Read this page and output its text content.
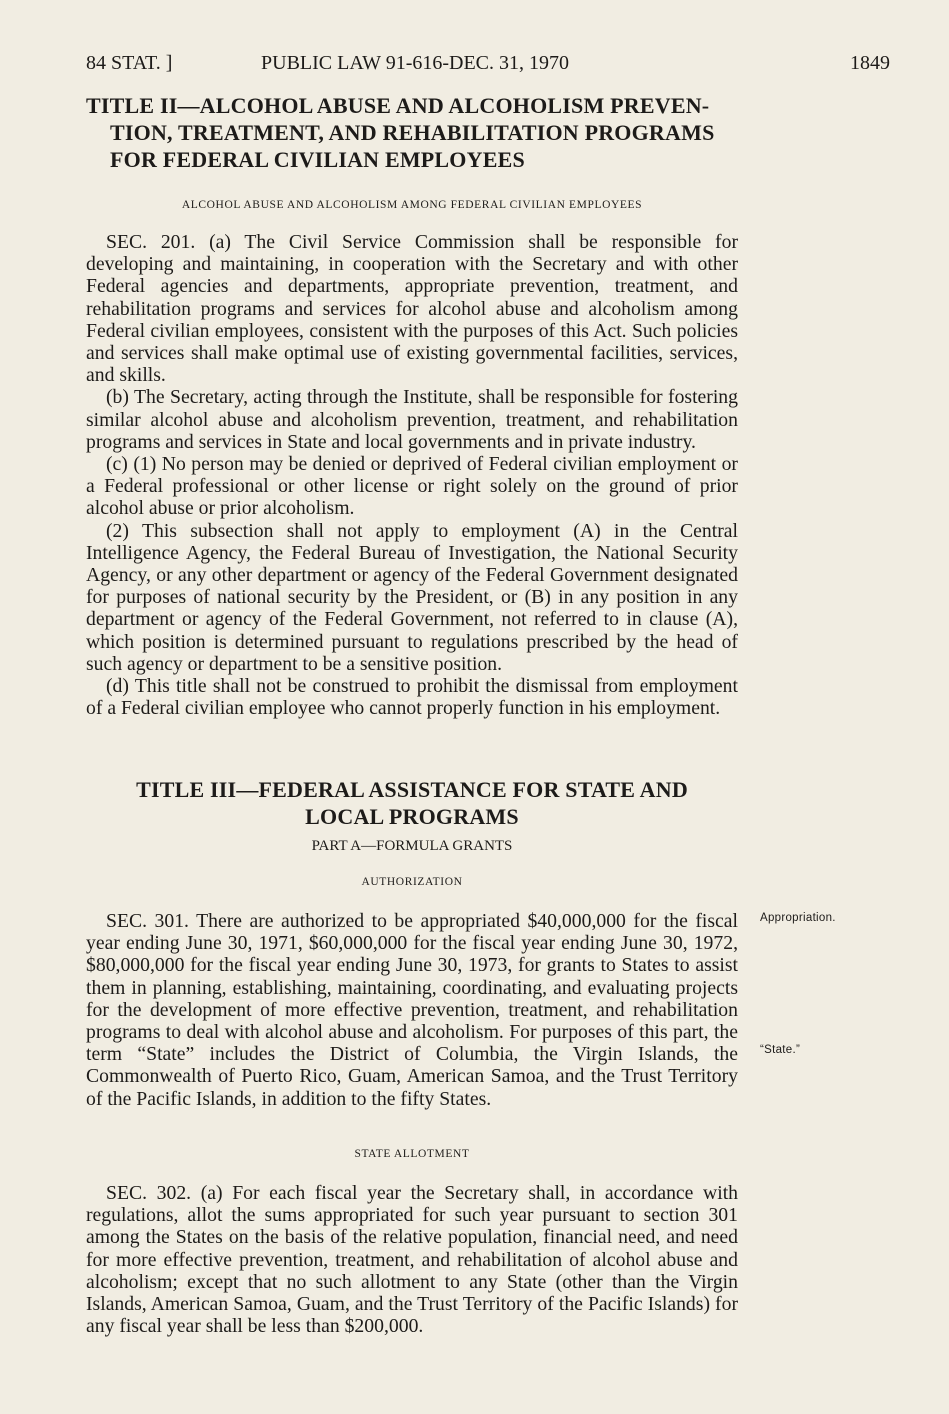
84 STAT. ]	PUBLIC LAW 91-616-DEC. 31, 1970	1849
TITLE II—ALCOHOL ABUSE AND ALCOHOLISM PREVEN-
TION, TREATMENT, AND REHABILITATION PROGRAMS
FOR FEDERAL CIVILIAN EMPLOYEES

ALCOHOL ABUSE AND ALCOHOLISM AMONG FEDERAL CIVILIAN EMPLOYEES

SEC. 201. (a) The Civil Service Commission shall be responsible for developing and maintaining, in cooperation with the Secretary and with other Federal agencies and departments, appropriate prevention, treatment, and rehabilitation programs and services for alcohol abuse and alcoholism among Federal civilian employees, consistent with the purposes of this Act. Such policies and services shall make optimal use of existing governmental facilities, services, and skills.

(b) The Secretary, acting through the Institute, shall be responsible for fostering similar alcohol abuse and alcoholism prevention, treatment, and rehabilitation programs and services in State and local governments and in private industry.

(c) (1) No person may be denied or deprived of Federal civilian employment or a Federal professional or other license or right solely on the ground of prior alcohol abuse or prior alcoholism.

(2) This subsection shall not apply to employment (A) in the Central Intelligence Agency, the Federal Bureau of Investigation, the National Security Agency, or any other department or agency of the Federal Government designated for purposes of national security by the President, or (B) in any position in any department or agency of the Federal Government, not referred to in clause (A), which position is determined pursuant to regulations prescribed by the head of such agency or department to be a sensitive position.

(d) This title shall not be construed to prohibit the dismissal from employment of a Federal civilian employee who cannot properly function in his employment.

TITLE III—FEDERAL ASSISTANCE FOR STATE AND
LOCAL PROGRAMS

PART A—FORMULA GRANTS

AUTHORIZATION

SEC. 301. There are authorized to be appropriated $40,000,000 for the fiscal year ending June 30, 1971, $60,000,000 for the fiscal year ending June 30, 1972, $80,000,000 for the fiscal year ending June 30, 1973, for grants to States to assist them in planning, establishing, maintaining, coordinating, and evaluating projects for the development of more effective prevention, treatment, and rehabilitation programs to deal with alcohol abuse and alcoholism. For purposes of this part, the term “State” includes the District of Columbia, the Virgin Islands, the Commonwealth of Puerto Rico, Guam, American Samoa, and the Trust Territory of the Pacific Islands, in addition to the fifty States.

STATE ALLOTMENT

SEC. 302. (a) For each fiscal year the Secretary shall, in accordance with regulations, allot the sums appropriated for such year pursuant to section 301 among the States on the basis of the relative population, financial need, and need for more effective prevention, treatment, and rehabilitation of alcohol abuse and alcoholism; except that no such allotment to any State (other than the Virgin Islands, American Samoa, Guam, and the Trust Territory of the Pacific Islands) for any fiscal year shall be less than $200,000.

Appropriation.
“State.”
